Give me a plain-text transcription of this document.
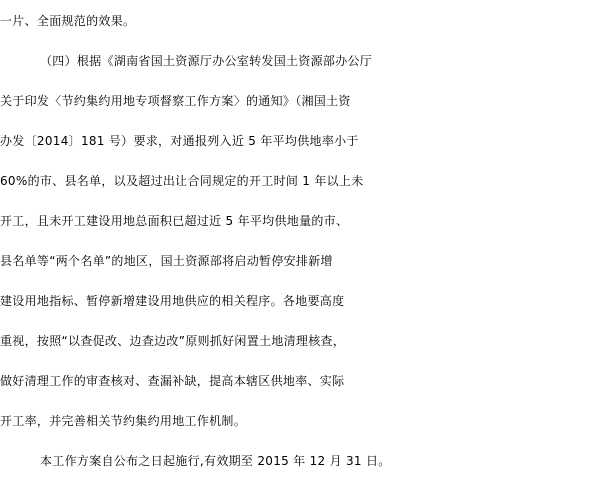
一片、全面规范的效果。
（四）根据《湖南省国土资源厅办公室转发国土资源部办公厅
关于印发〈节约集约用地专项督察工作方案〉的通知》（湘国土资
办发〔2014〕181 号）要求，对通报列入近 5 年平均供地率小于
60%的市、县名单，以及超过出让合同规定的开工时间 1 年以上未
开工，且未开工建设用地总面积已超过近 5 年平均供地量的市、
县名单等“两个名单”的地区，国土资源部将启动暂停安排新增
建设用地指标、暂停新增建设用地供应的相关程序。各地要高度
重视，按照“以查促改、边查边改”原则抓好闲置土地清理核查，
做好清理工作的审查核对、查漏补缺，提高本辖区供地率、实际
开工率，并完善相关节约集约用地工作机制。
本工作方案自公布之日起施行,有效期至 2015 年 12 月 31 日。
